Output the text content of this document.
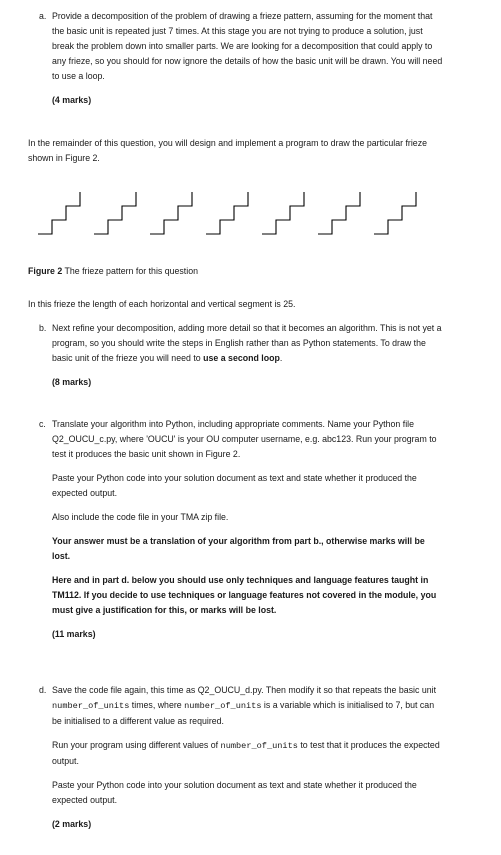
a. Provide a decomposition of the problem of drawing a frieze pattern, assuming for the moment that the basic unit is repeated just 7 times. At this stage you are not trying to produce a solution, just break the problem down into smaller parts. We are looking for a decomposition that could apply to any frieze, so you should for now ignore the details of how the basic unit will be drawn. You will need to use a loop.

(4 marks)

In the remainder of this question, you will design and implement a program to draw the particular frieze shown in Figure 2.

Figure 2 The frieze pattern for this question

In this frieze the length of each horizontal and vertical segment is 25.

b. Next refine your decomposition, adding more detail so that it becomes an algorithm. This is not yet a program, so you should write the steps in English rather than as Python statements. To draw the basic unit of the frieze you will need to use a second loop.

(8 marks)

c. Translate your algorithm into Python, including appropriate comments. Name your Python file Q2_OUCU_c.py, where 'OUCU' is your OU computer username, e.g. abc123. Run your program to test it produces the basic unit shown in Figure 2.

Paste your Python code into your solution document as text and state whether it produced the expected output.

Also include the code file in your TMA zip file.

Your answer must be a translation of your algorithm from part b., otherwise marks will be lost.

Here and in part d. below you should use only techniques and language features taught in TM112. If you decide to use techniques or language features not covered in the module, you must give a justification for this, or marks will be lost.

(11 marks)

d. Save the code file again, this time as Q2_OUCU_d.py. Then modify it so that repeats the basic unit number_of_units times, where number_of_units is a variable which is initialised to 7, but can be initialised to a different value as required.

Run your program using different values of number_of_units to test that it produces the expected output.

Paste your Python code into your solution document as text and state whether it produced the expected output.

(2 marks)
